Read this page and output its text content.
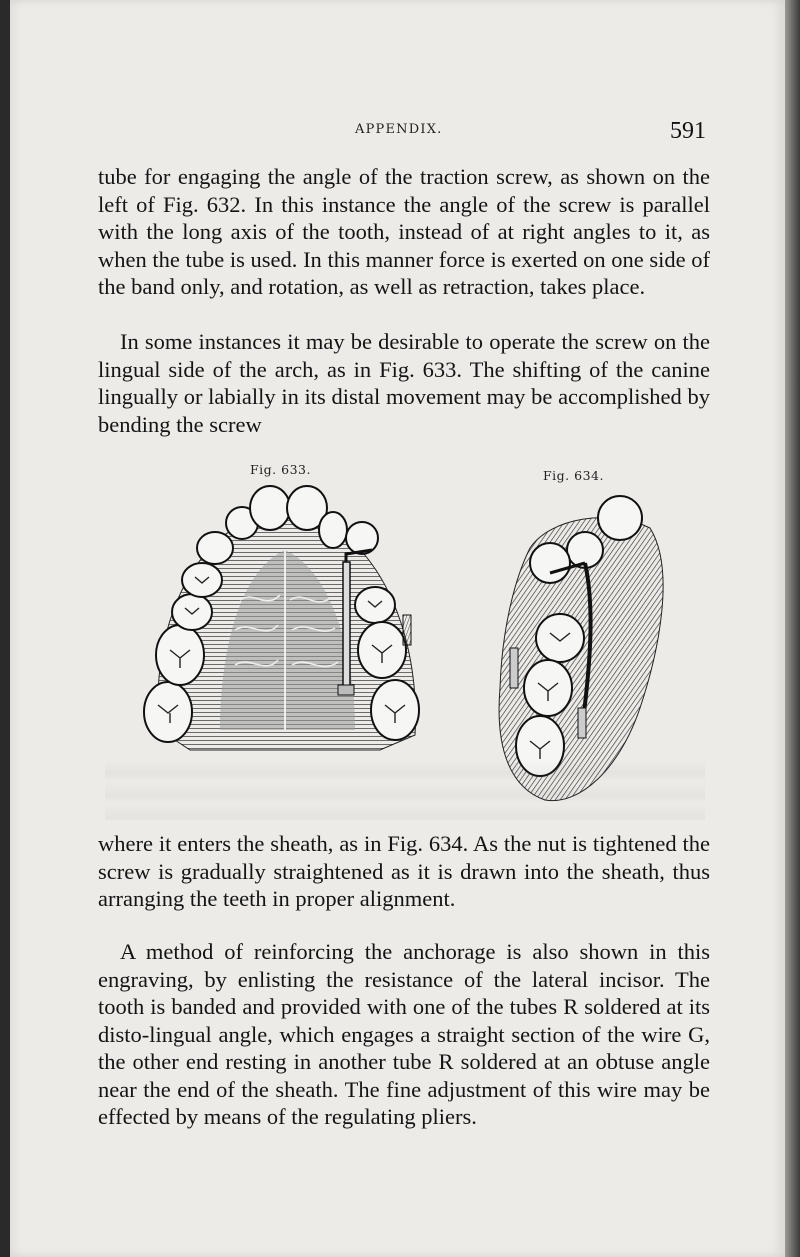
APPENDIX.	591

tube for engaging the angle of the traction screw, as shown on the left of Fig. 632. In this instance the angle of the screw is parallel with the long axis of the tooth, instead of at right angles to it, as when the tube is used. In this manner force is exerted on one side of the band only, and rotation, as well as retraction, takes place.

In some instances it may be desirable to operate the screw on the lingual side of the arch, as in Fig. 633. The shifting of the canine lingually or labially in its distal movement may be accomplished by bending the screw

Fig. 633.	Fig. 634.

where it enters the sheath, as in Fig. 634. As the nut is tightened the screw is gradually straightened as it is drawn into the sheath, thus arranging the teeth in proper alignment.

A method of reinforcing the anchorage is also shown in this engraving, by enlisting the resistance of the lateral incisor. The tooth is banded and provided with one of the tubes R soldered at its disto-lingual angle, which engages a straight section of the wire G, the other end resting in another tube R soldered at an obtuse angle near the end of the sheath. The fine adjustment of this wire may be effected by means of the regulating pliers.
